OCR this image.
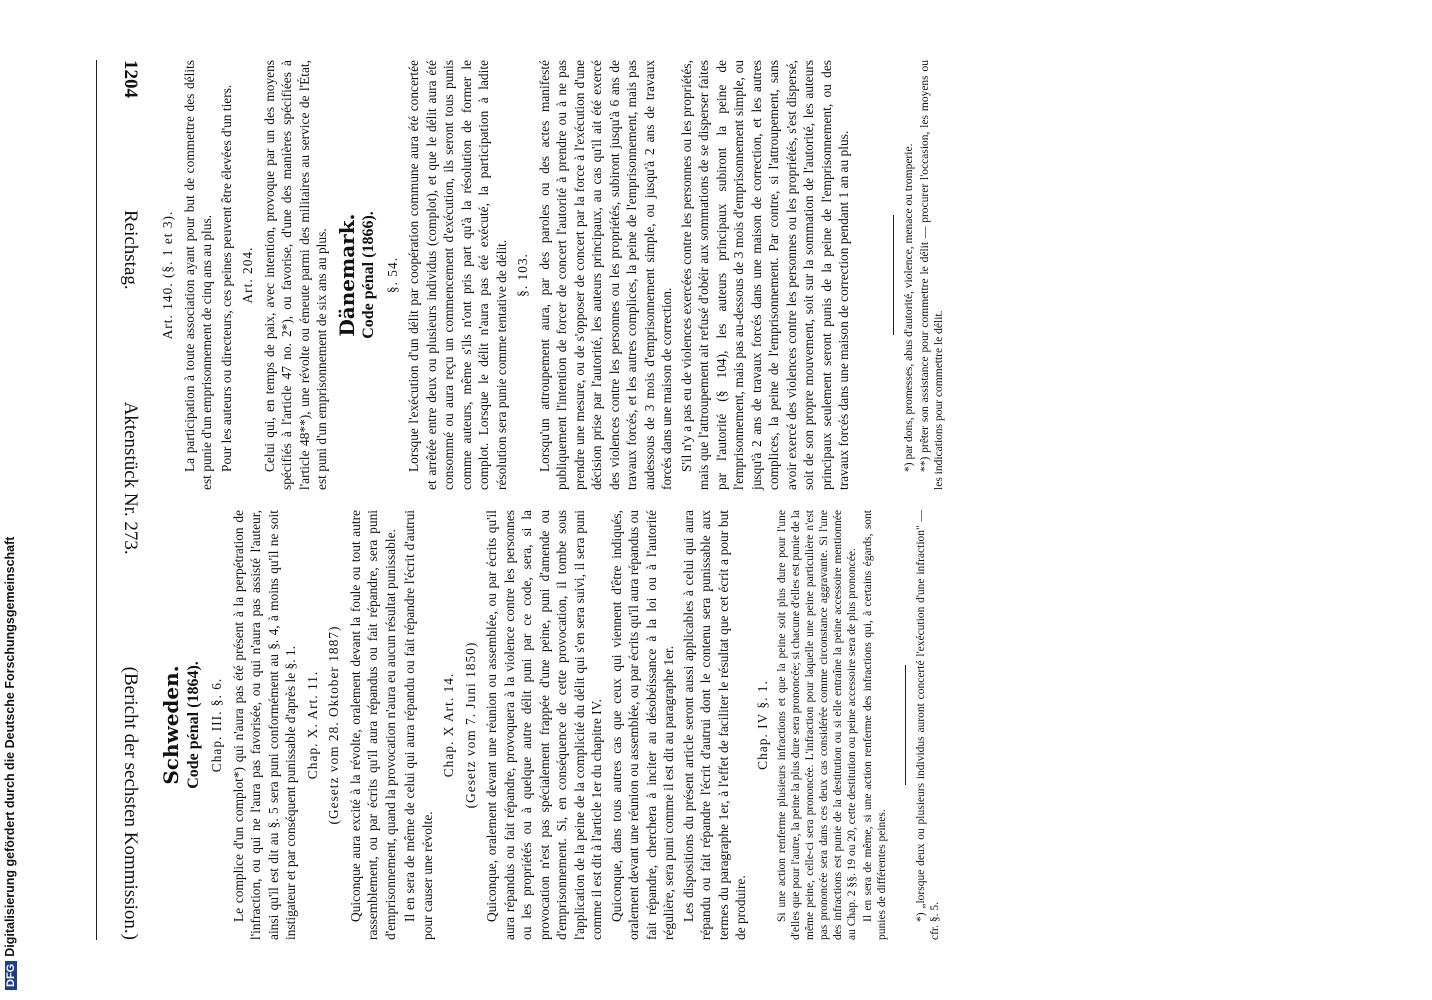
1204
Reichstag.
Aktenstück Nr. 273.
(Bericht der sechsten Kommission.)
Art. 140. (§. 1 et 3). La participation à toute association ayant pour but de commettre des délits est punie d'un emprisonnement de cinq ans au plus. Pour les auteurs ou directeurs, ces peines peuvent être élevées d'un tiers. Art. 204. Celui qui, en temps de paix, avec intention, provoque par un des moyens spécifiés à l'article 47 no. 2*), ou favorise, d'une des manières spécifiées à l'article 48**), une révolte ou émeute parmi des militaires au service de l'État, est puni d'un emprisonnement de six ans au plus. Dänemark. Code pénal (1866). §. 54. Lorsque l'exécution d'un délit par coopération commune aura été concertée et arrêtée entre deux ou plusieurs individus (complot), et que le délit aura été consommé ou aura reçu un commencement d'exécution, ils seront tous punis comme auteurs, même s'ils n'ont pris part qu'à la résolution de former le complot. Lorsque le délit n'aura pas été exécuté, la participation à ladite résolution sera punie comme tentative de délit. §. 103. Lorsqu'un attroupement aura, par des paroles ou des actes manifesté publiquement l'intention de forcer de concert l'autorité à prendre ou à ne pas prendre une mesure, ou de s'opposer de concert par la force à l'exécution d'une décision prise par l'autorité, les auteurs principaux, au cas qu'il ait été exercé des violences contre les personnes ou les propriétés, subiront jusqu'à 6 ans de travaux forcés, et les autres complices, la peine de l'emprisonnement, mais pas audessous de 3 mois d'emprisonnement simple, ou jusqu'à 2 ans de travaux forcés dans une maison de correction. S'il n'y a pas eu de violences exercées contre les personnes ou les propriétés, mais que l'attroupement ait refusé d'obéir aux sommations de se disperser faites par l'autorité (§ 104), les auteurs principaux subiront la peine de l'emprisonnement, mais pas au-dessous de 3 mois d'emprisonnement simple, ou jusqu'à 2 ans de travaux forcés dans une maison de correction, et les autres complices, la peine de l'emprisonnement. Par contre, si l'attroupement, sans avoir exercé des violences contre les personnes ou les propriétés, s'est dispersé, soit de son propre mouvement, soit sur la sommation de l'autorité, les auteurs principaux seulement seront punis de la peine de l'emprisonnement, ou des travaux forcés dans une maison de correction pendant 1 an au plus.	*) par dons, promesses, abus d'autorité, violence, menace ou tromperie. **) prêter son assistance pour commettre le délit — procurer l'occasion, les moyens ou les indications pour commettre le délit.

Schweden. Code pénal (1864). Chap. III. §. 6. Le complice d'un complot*) qui n'aura pas été présent à la perpétration de l'infraction, ou qui ne l'aura pas favorisée, ou qui n'aura pas assisté l'auteur, ainsi qu'il est dit au §. 5 sera puni conformément au §. 4, à moins qu'il ne soit instigateur et par conséquent punissable d'après le §. 1. Chap. X. Art. 11. (Gesetz vom 28. Oktober 1887) Quiconque aura excité à la révolte, oralement devant la foule ou tout autre rassemblement, ou par écrits qu'il aura répandus ou fait répandre, sera puni d'emprisonnement, quand la provocation n'aura eu aucun résultat punissable. Il en sera de même de celui qui aura répandu ou fait répandre l'écrit d'autrui pour causer une révolte.

Chap. X Art. 14. (Gesetz vom 7. Juni 1850) Quiconque, oralement devant une réunion ou assemblée, ou par écrits qu'il aura répandus ou fait répandre, provoquera à la violence contre les personnes ou les propriétés ou à quelque autre délit puni par ce code, sera, si la provocation n'est pas spécialement frappée d'une peine, puni d'amende ou d'emprisonnement. Si, en conséquence de cette provocation, il tombe sous l'application de la peine de la complicité du délit qui s'en sera suivi, il sera puni comme il est dit à l'article 1er du chapitre IV. Quiconque, dans tous autres cas que ceux qui viennent d'être indiqués, oralement devant une réunion ou assemblée, ou par écrits qu'il aura répandus ou fait répandre, cherchera à inciter au désobéissance à la loi ou à l'autorité régulière, sera puni comme il est dit au paragraphe 1er. Les dispositions du présent article seront aussi applicables à celui qui aura répandu ou fait répandre l'écrit d'autrui dont le contenu sera punissable aux termes du paragraphe 1er, à l'effet de faciliter le résultat que cet écrit a pour but de produire.

Chap. IV §. 1. Si une action renferme plusieurs infractions et que la peine soit plus dure pour l'une d'elles que pour l'autre, la peine la plus dure sera prononcée; si chacune d'elles est punie de la même peine, celle-ci sera prononcée. L'infraction pour laquelle une peine particulière n'est pas prononcée sera dans ces deux cas considérée comme circonstance aggravante. Si l'une des infractions est punie de la destitution ou si elle entraîne la peine accessoire mentionnée au Chap. 2 §§. 19 ou 20, cette destitution ou peine accessoire sera de plus prononcée. Il en sera de même, si une action renferme des infractions qui, à certains égards, sont punies de différentes peines. *) „lorsque deux ou plusieurs individus auront concerté l'exécution d'une infraction" — cfr. §. 5.

DFGDigitalisierung gefördert durch die Deutsche Forschungsgemeinschaft
